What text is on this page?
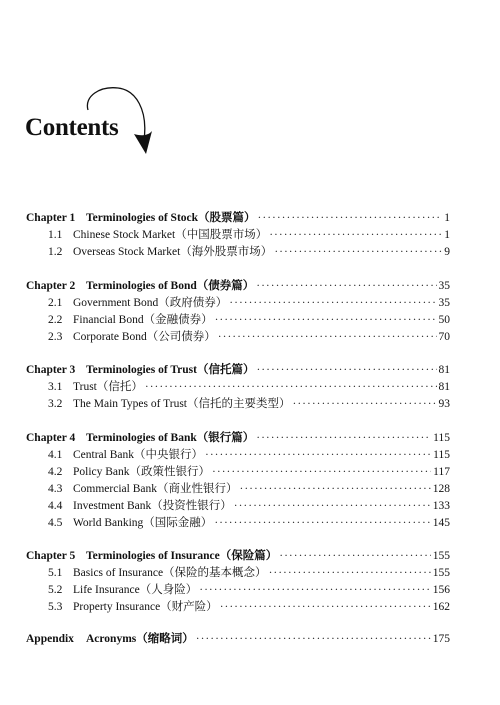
Contents
Chapter 1 Terminologies of Stock（股票篇） ·····	1
1.1 Chinese Stock Market（中国股票市场） ·····	1
1.2 Overseas Stock Market（海外股票市场） ·····	9
Chapter 2 Terminologies of Bond（债券篇） ·····	35
2.1 Government Bond（政府债券） ·····	35
2.2 Financial Bond（金融债券） ·····	50
2.3 Corporate Bond（公司债券） ·····	70
Chapter 3 Terminologies of Trust（信托篇） ·····	81
3.1 Trust（信托） ·····	81
3.2 The Main Types of Trust（信托的主要类型） ·····	93
Chapter 4 Terminologies of Bank（银行篇） ·····	115
4.1 Central Bank（中央银行） ·····	115
4.2 Policy Bank（政策性银行） ·····	117
4.3 Commercial Bank（商业性银行） ·····	128
4.4 Investment Bank（投资性银行） ·····	133
4.5 World Banking（国际金融） ·····	145
Chapter 5 Terminologies of Insurance（保险篇） ·····	155
5.1 Basics of Insurance（保险的基本概念） ·····	155
5.2 Life Insurance（人身险） ·····	156
5.3 Property Insurance（财产险） ·····	162
Appendix	Acronyms（缩略词） ·····	175
